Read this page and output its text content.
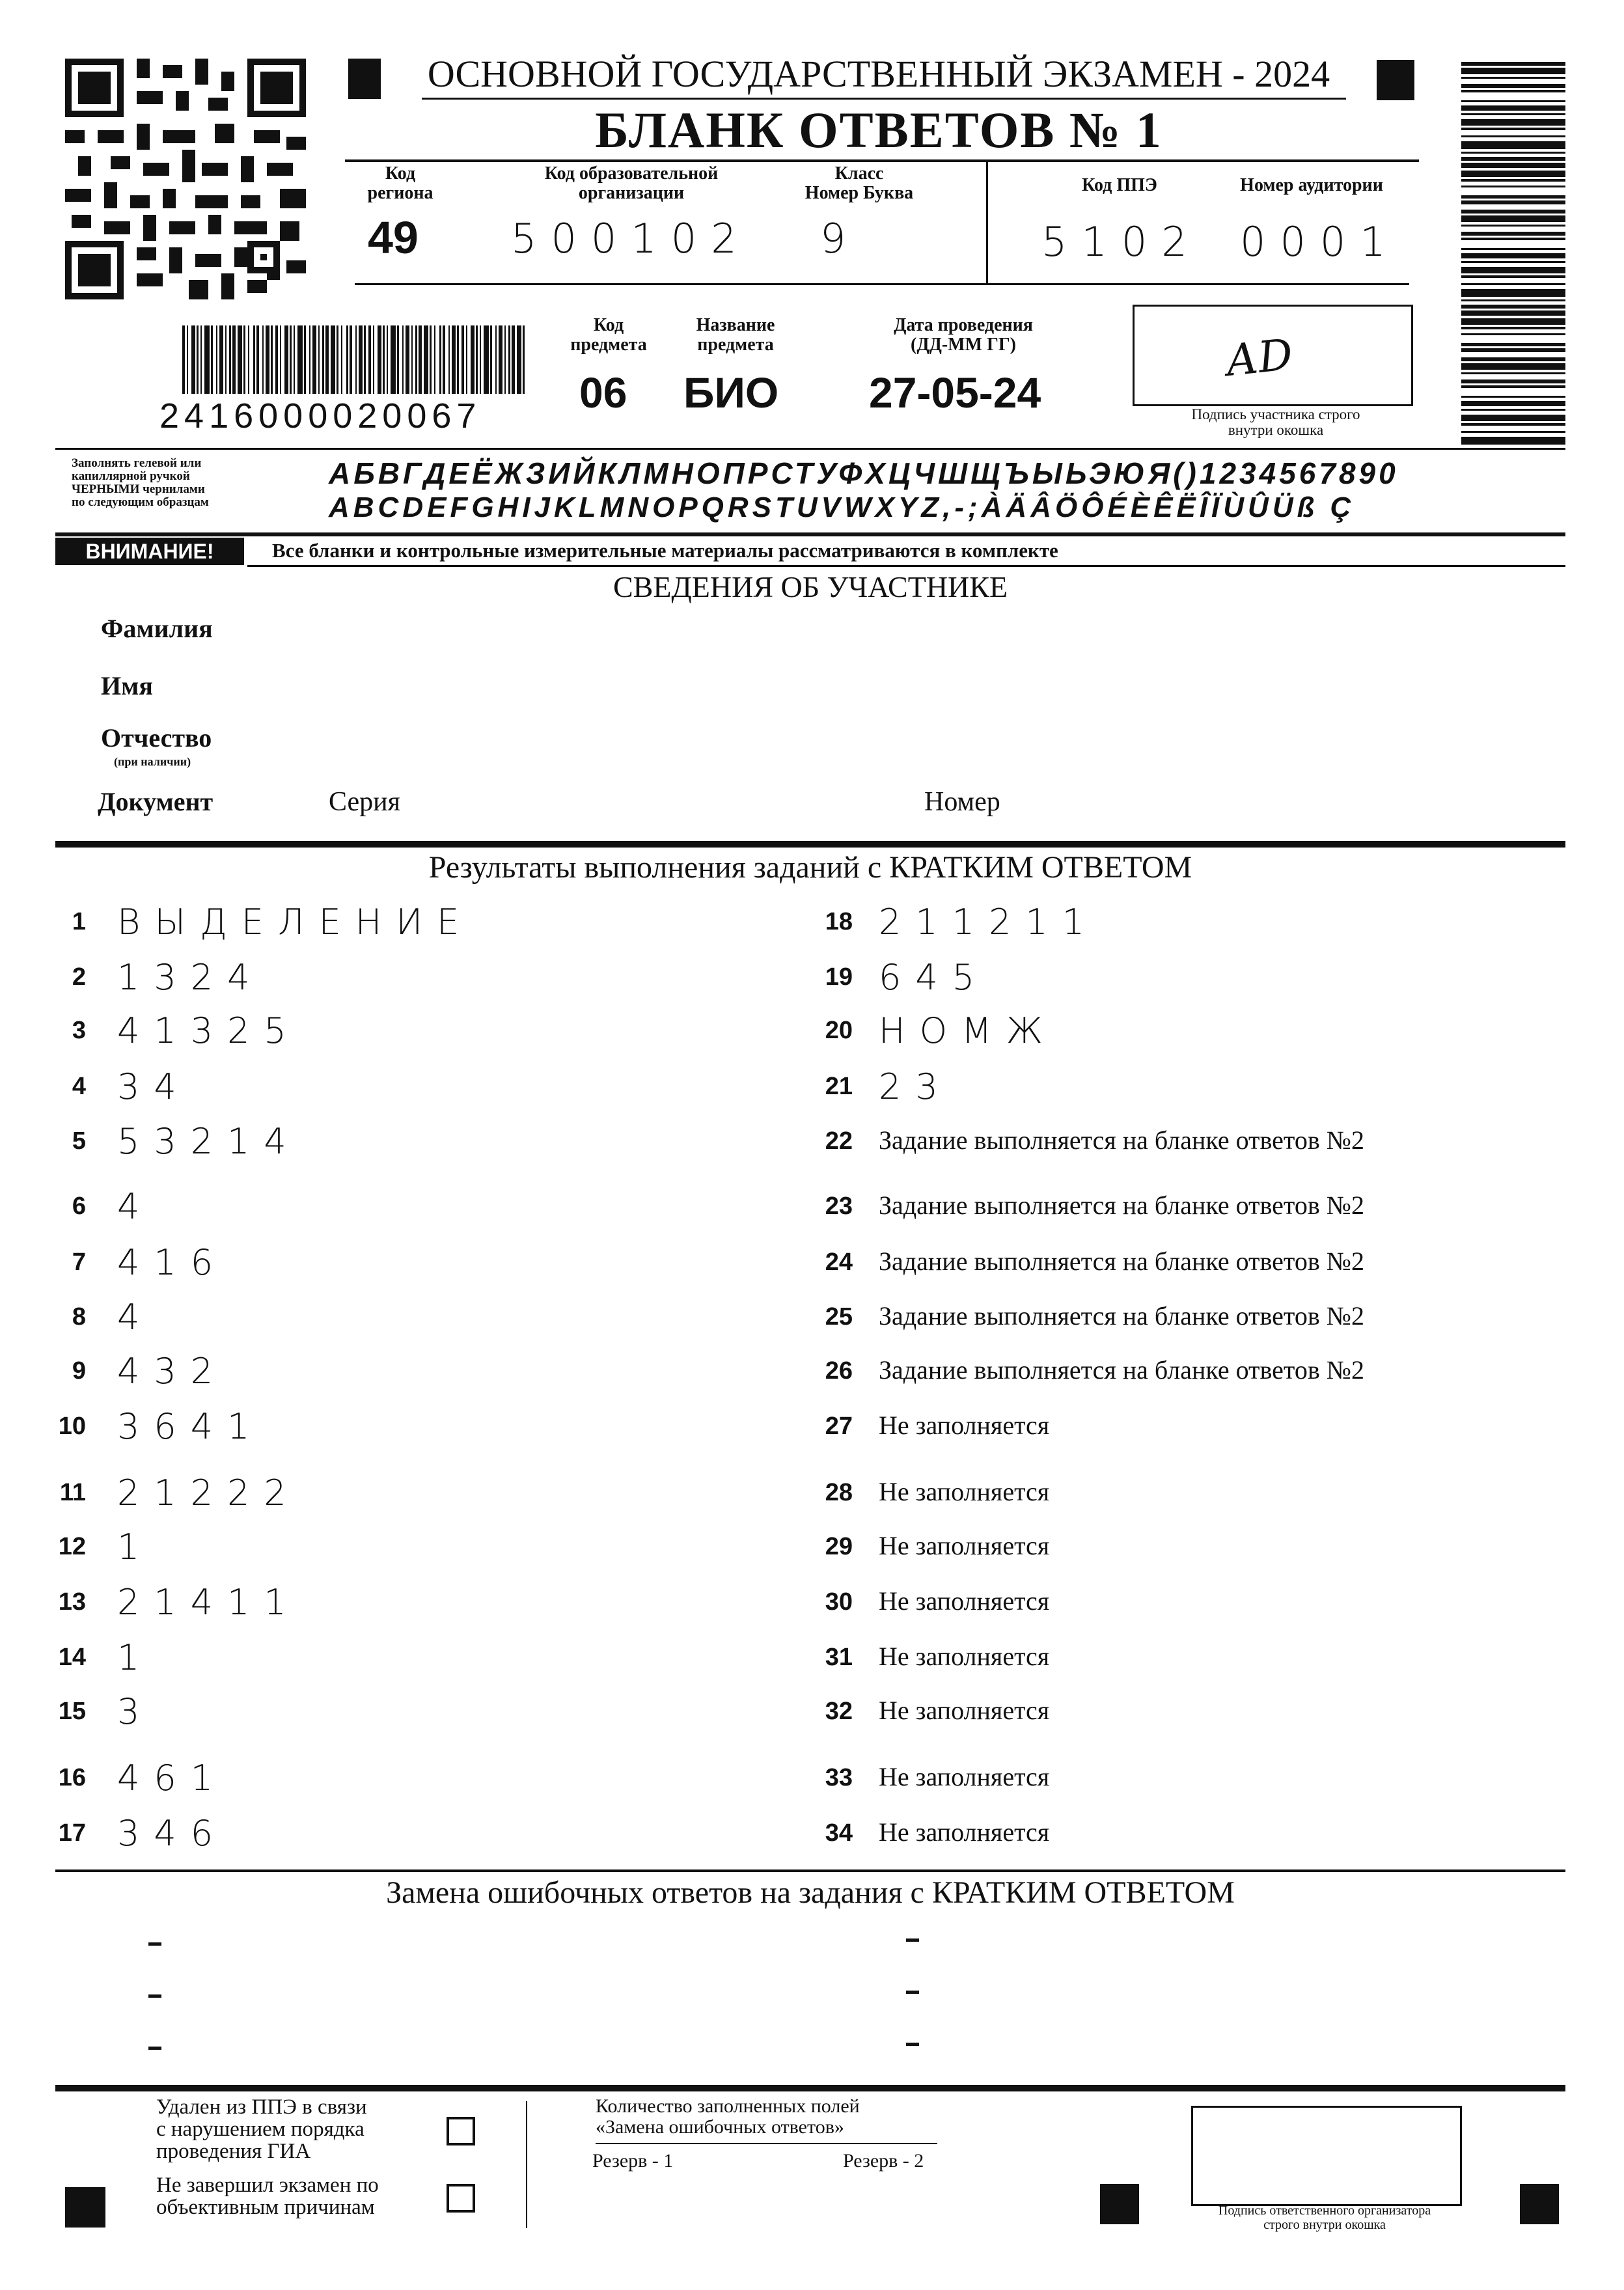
ОСНОВНОЙ ГОСУДАРСТВЕННЫЙ ЭКЗАМЕН - 2024
БЛАНК ОТВЕТОВ № 1
Код
региона
Код образовательной
организации
Класс
Номер Буква	Код ППЭ	Номер аудитории
49 500102 9	5102 0001
2416000020067
Код
предмета
Название
предмета
Дата проведения
(ДД-ММ ГГ)
06 БИО 27-05-24
АD
Подпись участника строго
внутри окошка
Заполнять гелевой или
капиллярной ручкой
ЧЕРНЫМИ чернилами
по следующим образцам
АБВГДЕЁЖЗИЙКЛМНОПРСТУФХЦЧШЩЪЫЬЭЮЯ()1234567890
ABCDEFGHIJKLMNOPQRSTUVWXYZ,-;ÀÄÂÖÔÉÈÊËÎÏÙÛÜß Ç
ВНИМАНИЕ!	Все бланки и контрольные измерительные материалы рассматриваются в комплекте
СВЕДЕНИЯ ОБ УЧАСТНИКЕ
Фамилия
Имя
Отчество
(при наличии)
Документ	Серия	Номер
Результаты выполнения заданий с КРАТКИМ ОТВЕТОМ
1 ВЫДЕЛЕНИЕ
2 1324
3 41325
4 34
5 53214
6 4
7 416
8 4
9 432
10 3641
11 21222
12 1
13 21411
14 1
15 3
16 461
17 346
18 211211
19 645
20 НОМЖ
21 23
22 Задание выполняется на бланке ответов №2
23 Задание выполняется на бланке ответов №2
24 Задание выполняется на бланке ответов №2
25 Задание выполняется на бланке ответов №2
26 Задание выполняется на бланке ответов №2
27 Не заполняется
28 Не заполняется
29 Не заполняется
30 Не заполняется
31 Не заполняется
32 Не заполняется
33 Не заполняется
34 Не заполняется
Замена ошибочных ответов на задания с КРАТКИМ ОТВЕТОМ
Удален из ППЭ в связи
с нарушением порядка
проведения ГИА
Не завершил экзамен по
объективным причинам
Количество заполненных полей
«Замена ошибочных ответов»
Резерв - 1	Резерв - 2
Подпись ответственного организатора
строго внутри окошка
